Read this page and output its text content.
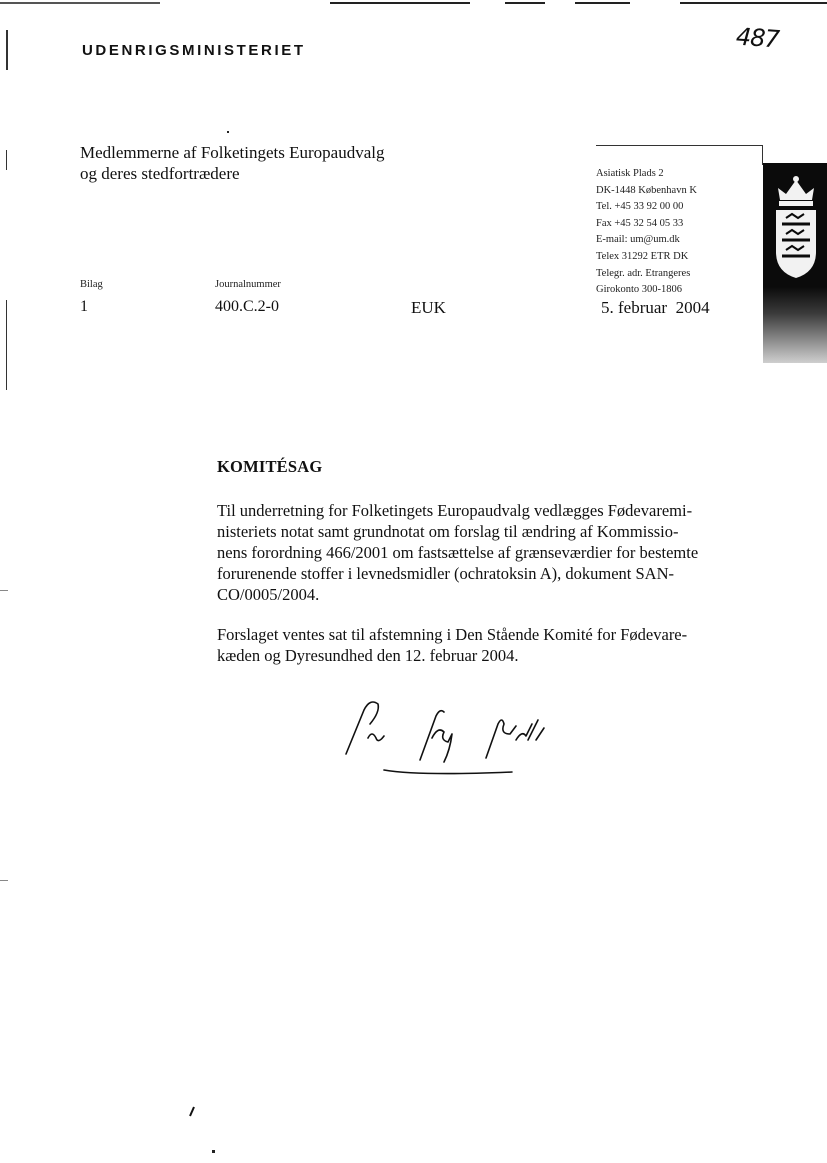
UDENRIGSMINISTERIET	487
Medlemmerne af Folketingets Europaudvalg
og deres stedfortrædere	Asiatisk Plads 2
DK-1448 København K
Tel. +45 33 92 00 00
Fax +45 32 54 05 33
E-mail: um@um.dk
Telex 31292 ETR DK
Telegr. adr. Etrangeres
Girokonto 300-1806
Bilag
1
Journalnummer
400.C.2-0	EUK	5. februar  2004
KOMITÉSAG
Til underretning for Folketingets Europaudvalg vedlægges Fødevaremi-
nisteriets notat samt grundnotat om forslag til ændring af Kommissio-
nens forordning 466/2001 om fastsættelse af grænseværdier for bestemte
forurenende stoffer i levnedsmidler (ochratoksin A), dokument SAN-
CO/0005/2004.
Forslaget ventes sat til afstemning i Den Stående Komité for Fødevare-
kæden og Dyresundhed den 12. februar 2004.
